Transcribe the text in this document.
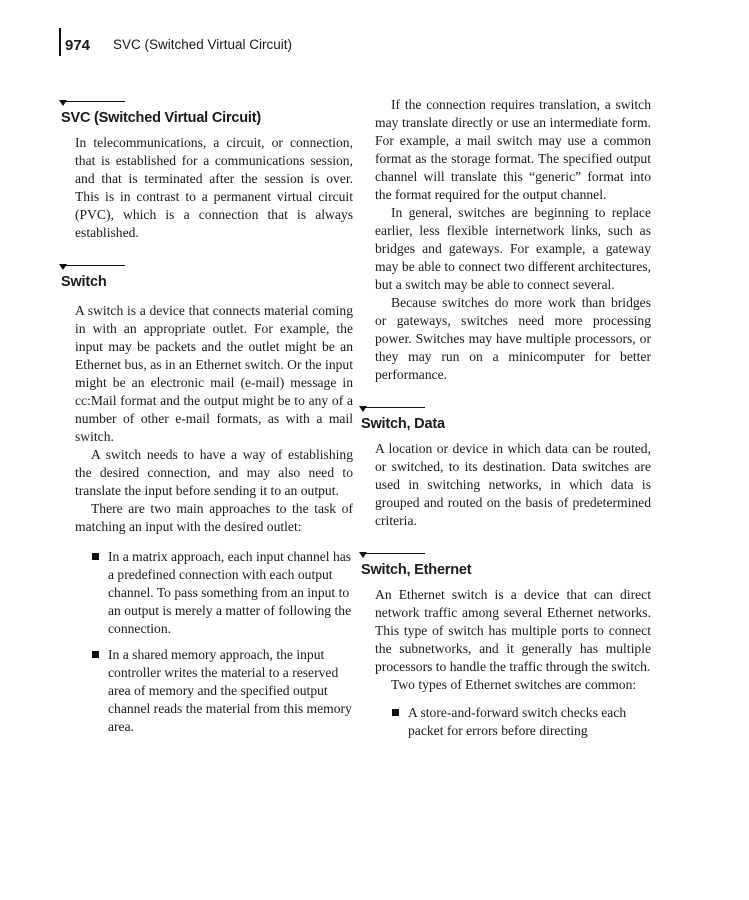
974 SVC (Switched Virtual Circuit)
SVC (Switched Virtual Circuit)

In telecommunications, a circuit, or connection, that is established for a communications session, and that is terminated after the session is over. This is in contrast to a permanent virtual circuit (PVC), which is a connection that is always established.

Switch

A switch is a device that connects material coming in with an appropriate outlet. For example, the input may be packets and the outlet might be an Ethernet bus, as in an Ethernet switch. Or the input might be an electronic mail (e-mail) message in cc:Mail format and the output might be to any of a number of other e-mail formats, as with a mail switch.

A switch needs to have a way of establishing the desired connection, and may also need to translate the input before sending it to an output.

There are two main approaches to the task of matching an input with the desired outlet:

In a matrix approach, each input channel has a predefined connection with each output channel. To pass something from an input to an output is merely a matter of following the connection.
In a shared memory approach, the input controller writes the material to a reserved area of memory and the specified output channel reads the material from this memory area.

If the connection requires translation, a switch may translate directly or use an intermediate form. For example, a mail switch may use a common format as the storage format. The specified output channel will translate this “generic” format into the format required for the output channel.

In general, switches are beginning to replace earlier, less flexible internetwork links, such as bridges and gateways. For example, a gateway may be able to connect two different architectures, but a switch may be able to connect several.

Because switches do more work than bridges or gateways, switches need more processing power. Switches may have multiple processors, or they may run on a minicomputer for better performance.

Switch, Data

A location or device in which data can be routed, or switched, to its destination. Data switches are used in switching networks, in which data is grouped and routed on the basis of predetermined criteria.

Switch, Ethernet

An Ethernet switch is a device that can direct network traffic among several Ethernet networks. This type of switch has multiple ports to connect the subnetworks, and it generally has multiple processors to handle the traffic through the switch.

Two types of Ethernet switches are common:

A store-and-forward switch checks each packet for errors before directing
